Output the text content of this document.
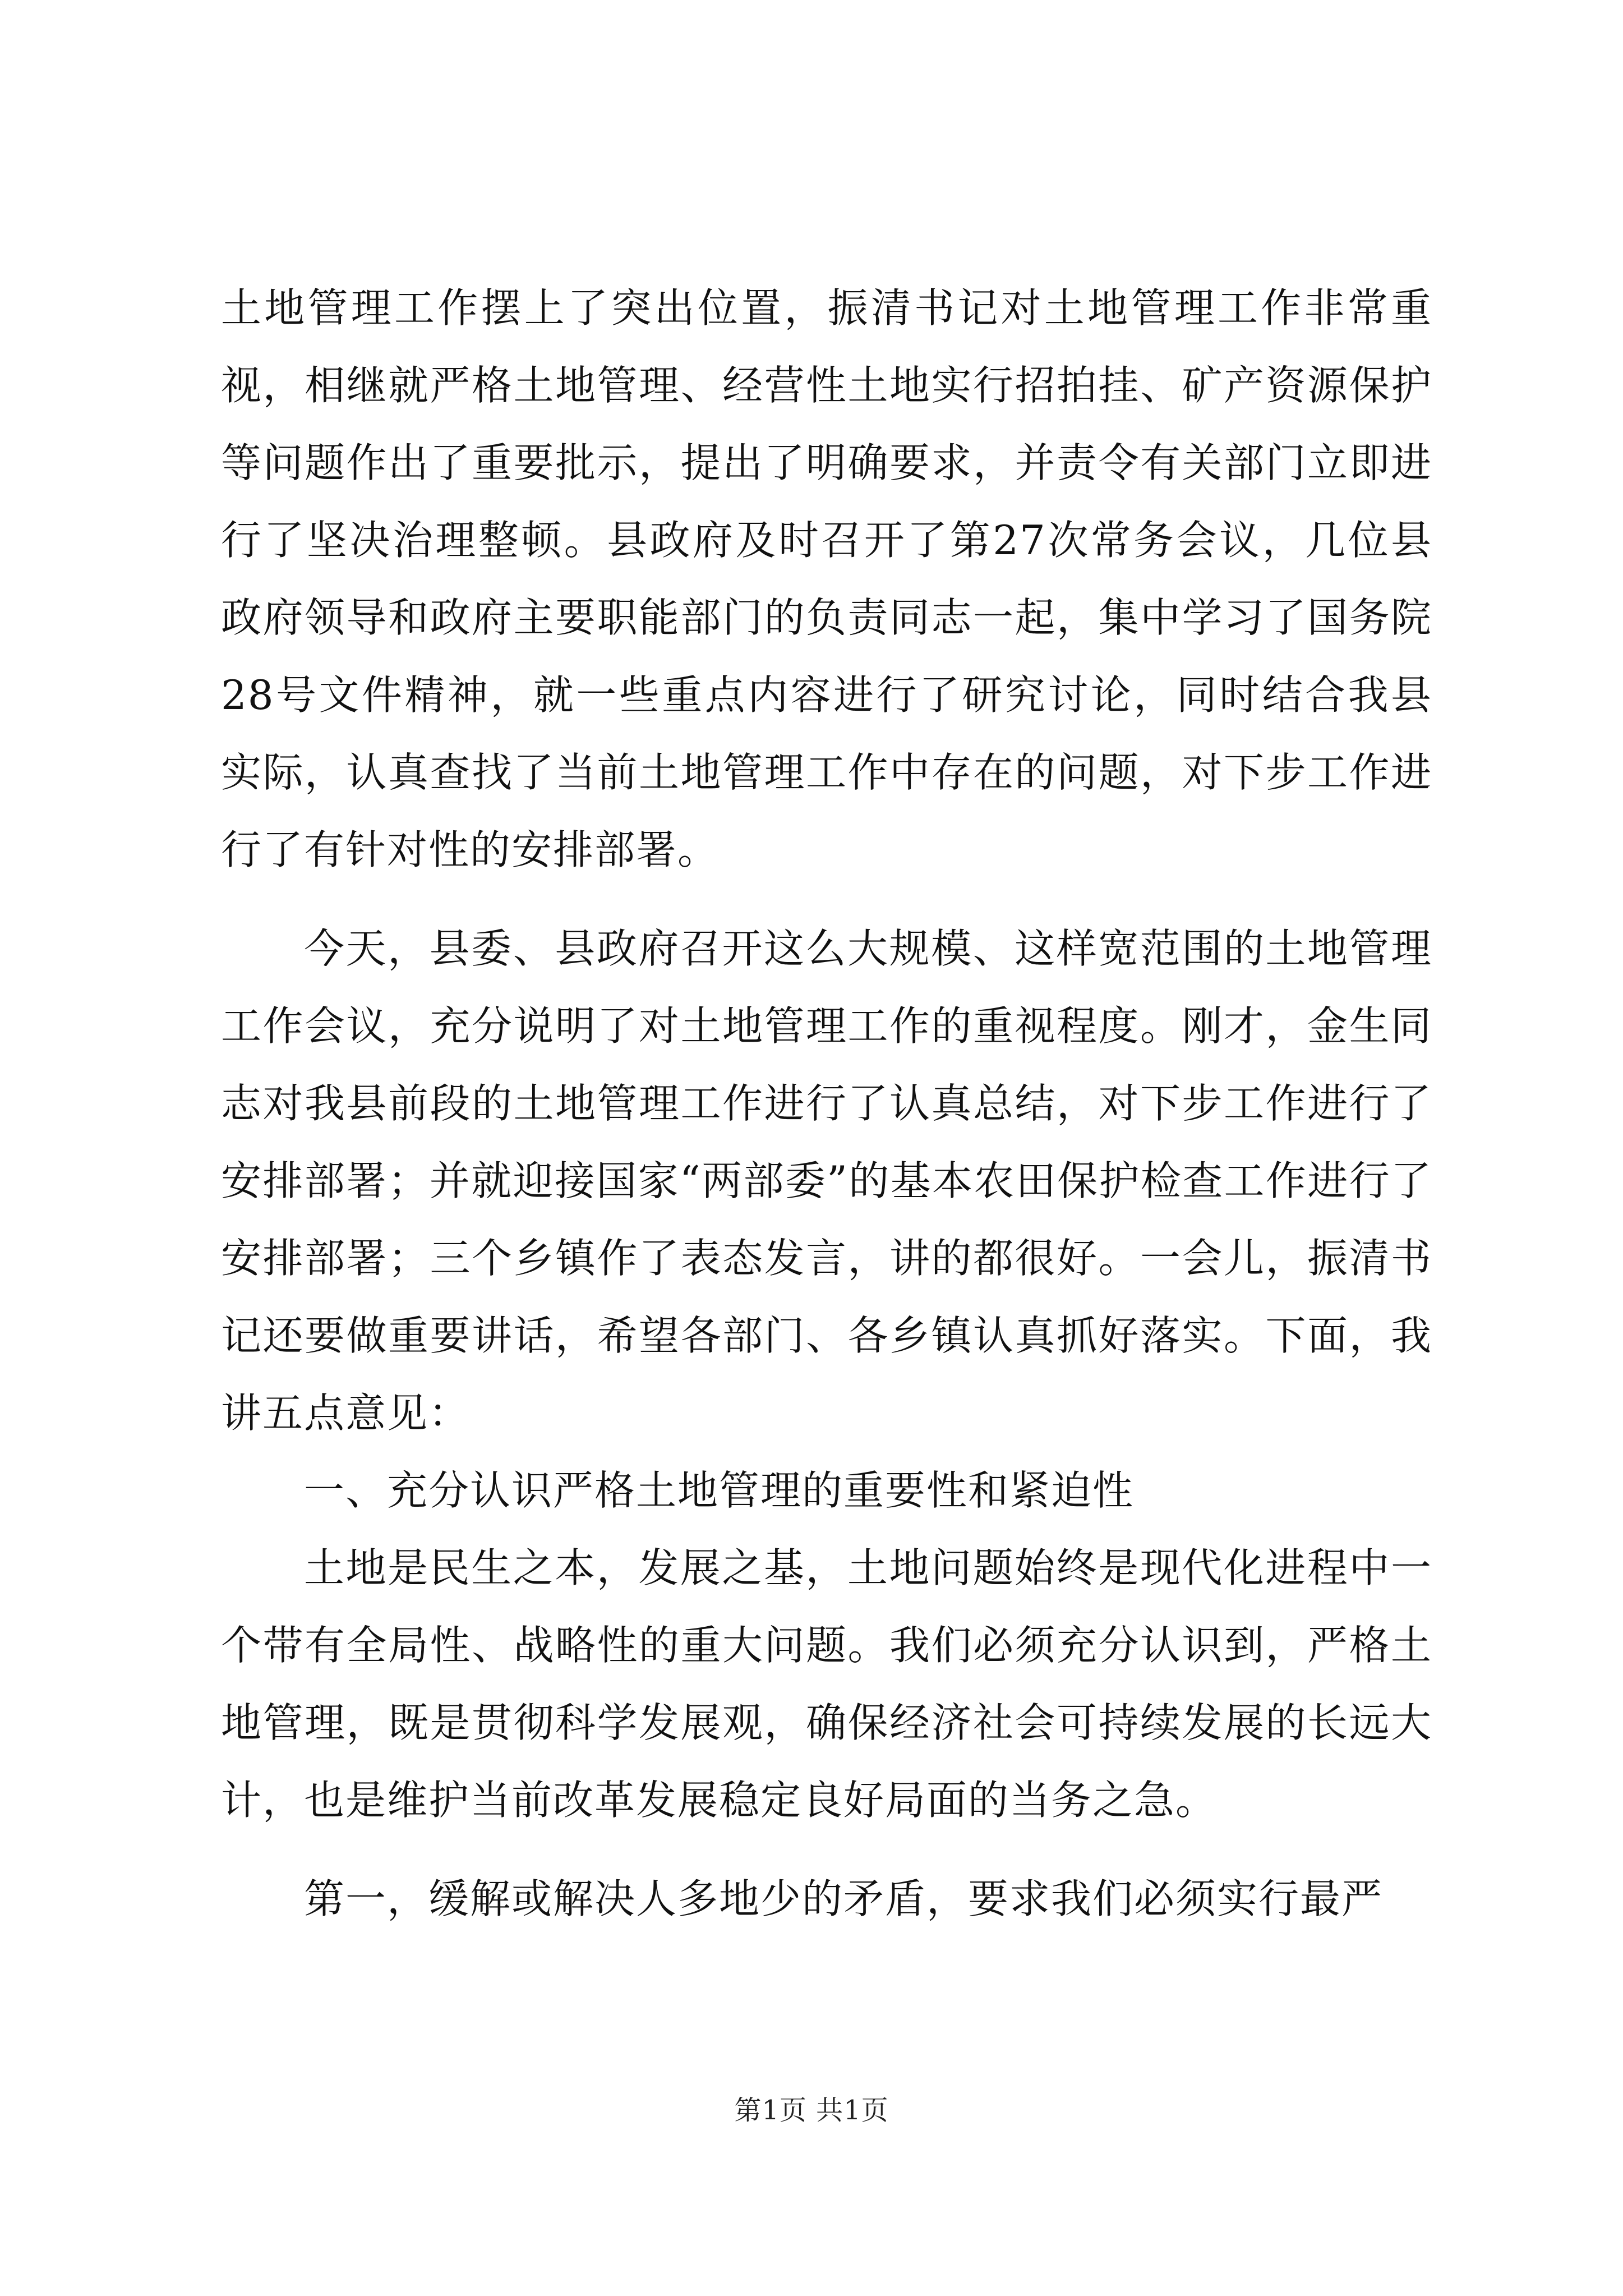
土地管理工作摆上了突出位置，振清书记对土地管理工作非常重视，相继就严格土地管理、经营性土地实行招拍挂、矿产资源保护等问题作出了重要批示，提出了明确要求，并责令有关部门立即进行了坚决治理整顿。县政府及时召开了第27次常务会议，几位县政府领导和政府主要职能部门的负责同志一起，集中学习了国务院28号文件精神，就一些重点内容进行了研究讨论，同时结合我县实际，认真查找了当前土地管理工作中存在的问题，对下步工作进行了有针对性的安排部署。

今天，县委、县政府召开这么大规模、这样宽范围的土地管理工作会议，充分说明了对土地管理工作的重视程度。刚才，金生同志对我县前段的土地管理工作进行了认真总结，对下步工作进行了安排部署；并就迎接国家“两部委”的基本农田保护检查工作进行了安排部署；三个乡镇作了表态发言，讲的都很好。一会儿，振清书记还要做重要讲话，希望各部门、各乡镇认真抓好落实。下面，我讲五点意见：

一、充分认识严格土地管理的重要性和紧迫性

土地是民生之本，发展之基，土地问题始终是现代化进程中一个带有全局性、战略性的重大问题。我们必须充分认识到，严格土地管理，既是贯彻科学发展观，确保经济社会可持续发展的长远大计，也是维护当前改革发展稳定良好局面的当务之急。

第一，缓解或解决人多地少的矛盾，要求我们必须实行最严

第1页 共1页
